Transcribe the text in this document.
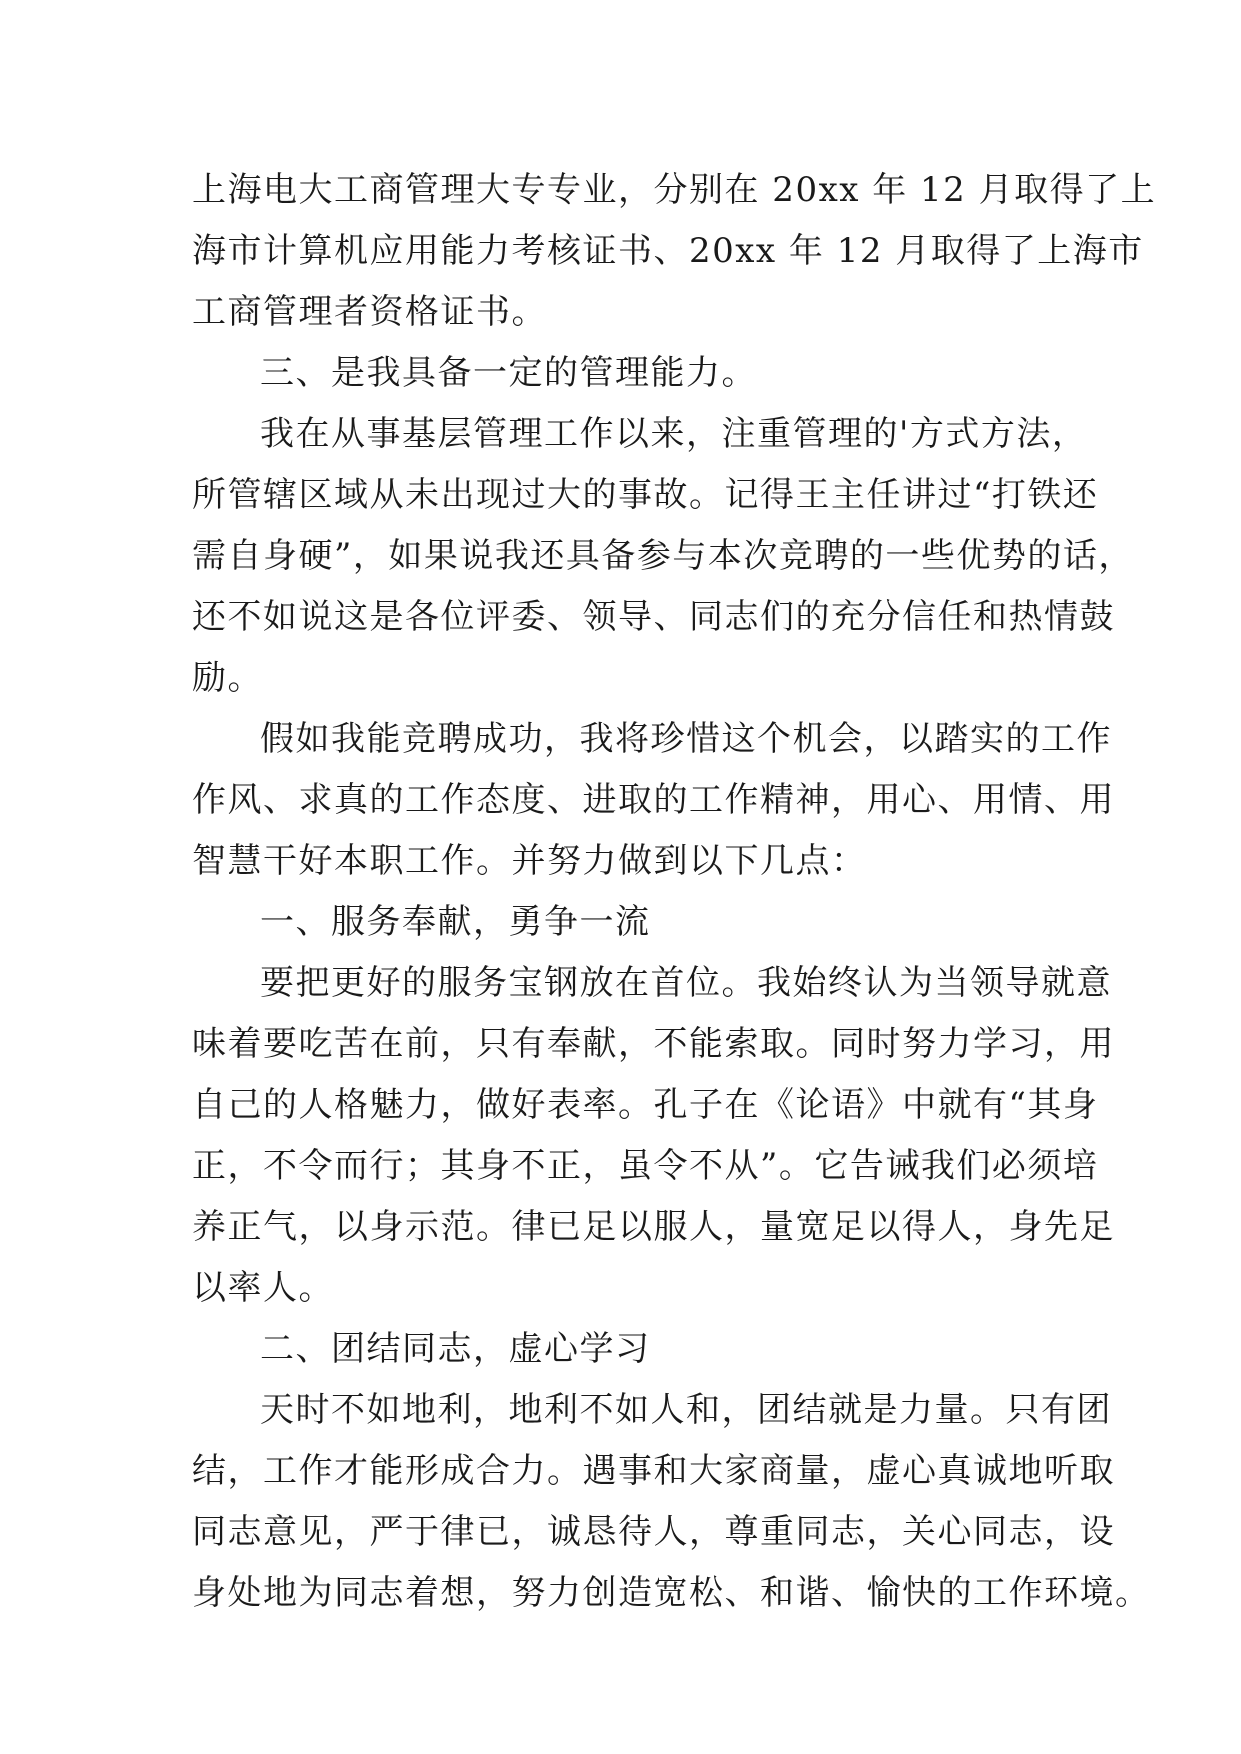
上海电大工商管理大专专业，分别在 20xx 年 12 月取得了上
海市计算机应用能力考核证书、20xx 年 12 月取得了上海市
工商管理者资格证书。
三、是我具备一定的管理能力。
我在从事基层管理工作以来，注重管理的'方式方法，
所管辖区域从未出现过大的事故。记得王主任讲过“打铁还
需自身硬”，如果说我还具备参与本次竞聘的一些优势的话，
还不如说这是各位评委、领导、同志们的充分信任和热情鼓
励。
假如我能竞聘成功，我将珍惜这个机会，以踏实的工作
作风、求真的工作态度、进取的工作精神，用心、用情、用
智慧干好本职工作。并努力做到以下几点：
一、服务奉献，勇争一流
要把更好的服务宝钢放在首位。我始终认为当领导就意
味着要吃苦在前，只有奉献，不能索取。同时努力学习，用
自己的人格魅力，做好表率。孔子在《论语》中就有“其身
正，不令而行；其身不正，虽令不从”。它告诫我们必须培
养正气，以身示范。律已足以服人，量宽足以得人，身先足
以率人。
二、团结同志，虚心学习
天时不如地利，地利不如人和，团结就是力量。只有团
结，工作才能形成合力。遇事和大家商量，虚心真诚地听取
同志意见，严于律已，诚恳待人，尊重同志，关心同志，设
身处地为同志着想，努力创造宽松、和谐、愉快的工作环境。
